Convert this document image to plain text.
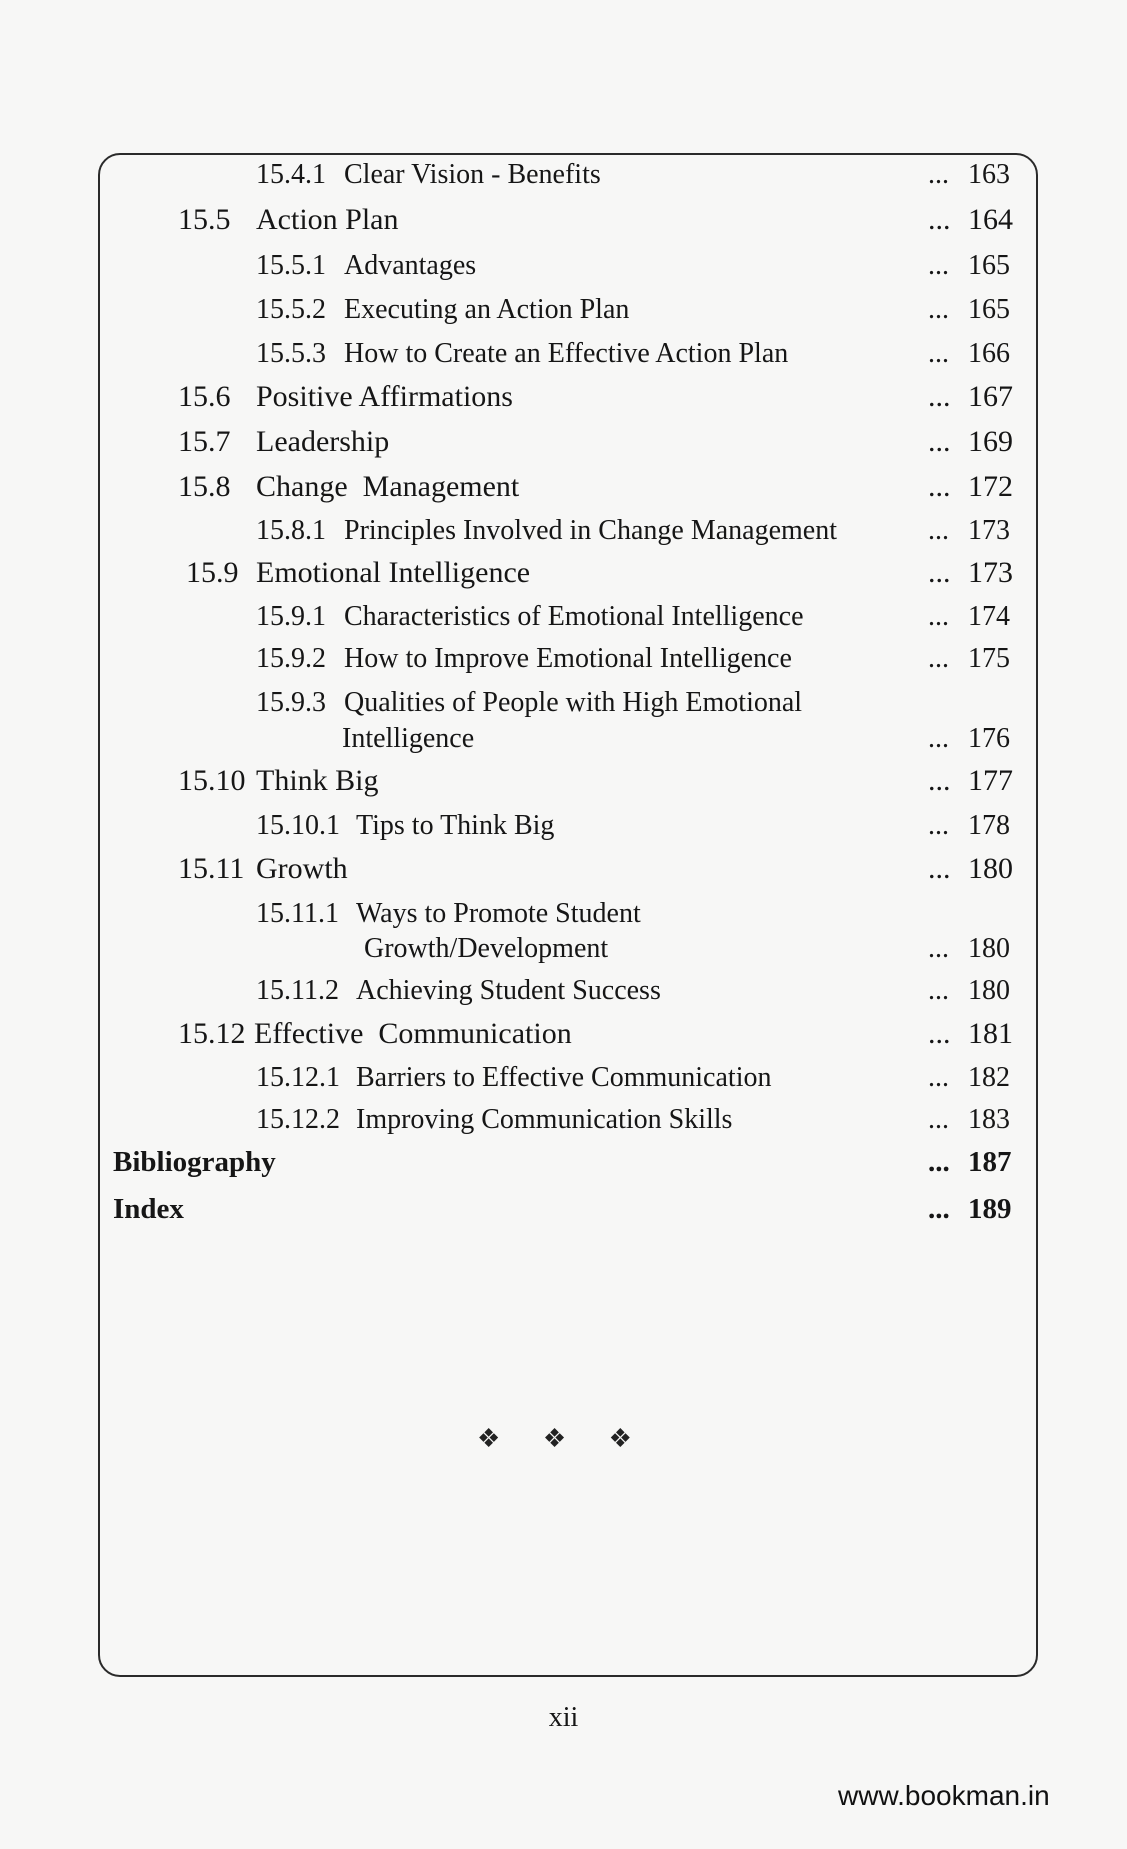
15.4.1 Clear Vision - Benefits	... 163
15.5 Action Plan	... 164
15.5.1 Advantages	... 165
15.5.2 Executing an Action Plan	... 165
15.5.3 How to Create an Effective Action Plan	... 166
15.6 Positive Affirmations	... 167
15.7 Leadership	... 169
15.8 Change  Management	... 172
15.8.1 Principles Involved in Change Management	... 173
15.9 Emotional Intelligence	... 173
15.9.1 Characteristics of Emotional Intelligence	... 174
15.9.2 How to Improve Emotional Intelligence	... 175
15.9.3 Qualities of People with High Emotional
Intelligence	... 176
15.10 Think Big	... 177
15.10.1 Tips to Think Big	... 178
15.11 Growth	... 180
15.11.1 Ways to Promote Student
Growth/Development	... 180
15.11.2 Achieving Student Success	... 180
15.12 Effective  Communication	... 181
15.12.1 Barriers to Effective Communication	... 182
15.12.2 Improving Communication Skills	... 183
Bibliography	... 187
Index	... 189
❖ ❖ ❖
xii
www.bookman.in
